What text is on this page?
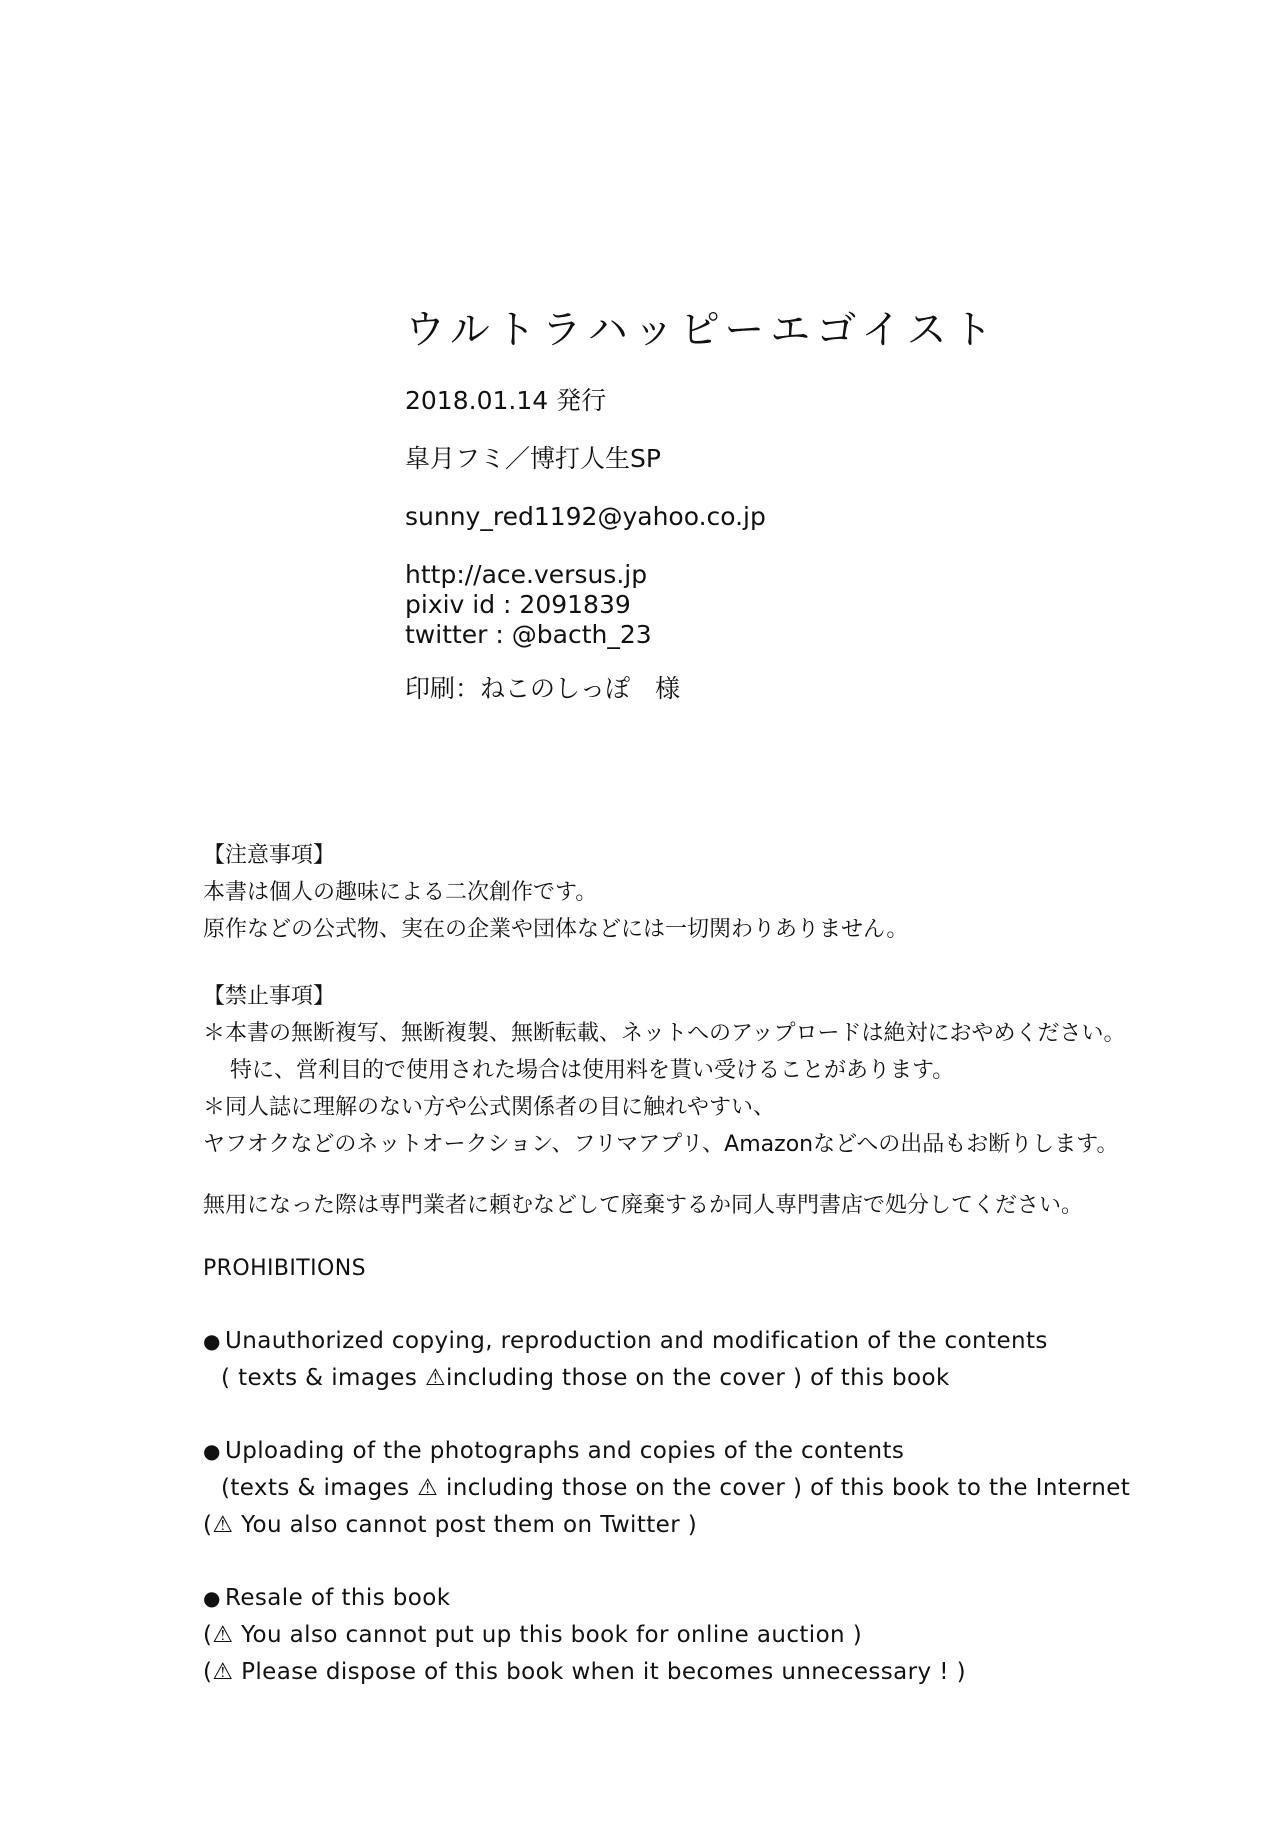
ウルトラハッピーエゴイスト

2018.01.14 発行

皐月フミ／博打人生SP

sunny_red1192@yahoo.co.jp

http://ace.versus.jp

pixiv id : 2091839

twitter : @bacth_23

印刷：ねこのしっぽ　様

【注意事項】

本書は個人の趣味による二次創作です。

原作などの公式物、実在の企業や団体などには一切関わりありません。

【禁止事項】

＊本書の無断複写、無断複製、無断転載、ネットへのアップロードは絶対におやめください。

特に、営利目的で使用された場合は使用料を貰い受けることがあります。

＊同人誌に理解のない方や公式関係者の目に触れやすい、

ヤフオクなどのネットオークション、フリマアプリ、Amazonなどへの出品もお断りします。

無用になった際は専門業者に頼むなどして廃棄するか同人専門書店で処分してください。

PROHIBITIONS

● Unauthorized copying, reproduction and modification of the contents

( texts & images ⚠including those on the cover ) of this book

● Uploading of the photographs and copies of the contents

(texts & images ⚠ including those on the cover ) of this book to the Internet

(⚠ You also cannot post them on Twitter )

● Resale of this book

(⚠ You also cannot put up this book for online auction )

(⚠ Please dispose of this book when it becomes unnecessary ! )
